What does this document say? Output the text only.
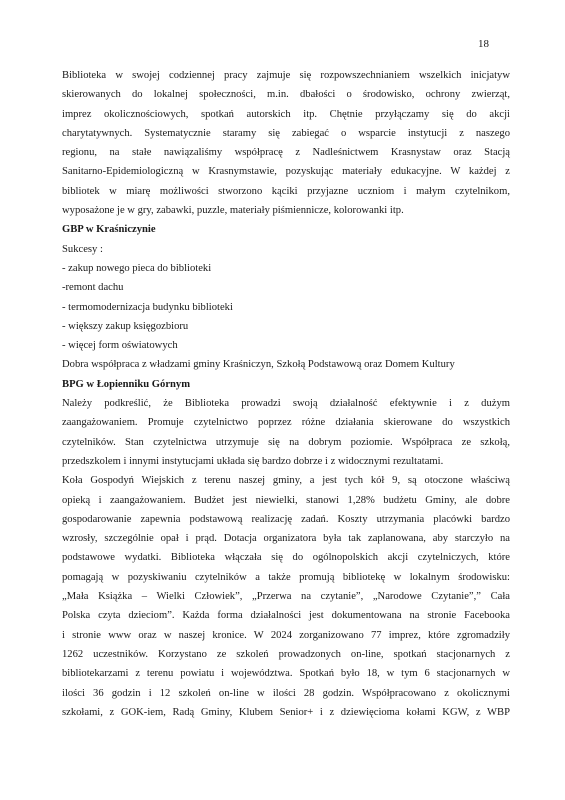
18
Biblioteka w swojej codziennej pracy zajmuje się rozpowszechnianiem wszelkich inicjatyw
skierowanych do lokalnej społeczności, m.in. dbałości o środowisko, ochrony zwierząt,
imprez okolicznościowych, spotkań autorskich itp. Chętnie przyłączamy się do akcji
charytatywnych. Systematycznie staramy się zabiegać o wsparcie instytucji z naszego
regionu, na stałe nawiązaliśmy współpracę z Nadleśnictwem Krasnystaw oraz Stacją
Sanitarno-Epidemiologiczną w Krasnymstawie, pozyskując materiały edukacyjne. W każdej z
bibliotek w miarę możliwości stworzono kąciki przyjazne uczniom i małym czytelnikom,
wyposażone je w gry, zabawki, puzzle, materiały piśmiennicze, kolorowanki itp.
GBP w Kraśniczynie
Sukcesy :
- zakup nowego pieca do biblioteki
-remont dachu
- termomodernizacja budynku biblioteki
- większy zakup księgozbioru
- więcej form oświatowych
Dobra współpraca z władzami gminy Kraśniczyn, Szkołą Podstawową oraz Domem Kultury
BPG w Łopienniku Górnym
Należy podkreślić, że Biblioteka prowadzi swoją działalność efektywnie i z dużym
zaangażowaniem. Promuje czytelnictwo poprzez różne działania skierowane do wszystkich
czytelników. Stan czytelnictwa utrzymuje się na dobrym poziomie. Współpraca ze szkołą,
przedszkolem i innymi instytucjami układa się bardzo dobrze i z widocznymi rezultatami.
Koła Gospodyń Wiejskich z terenu naszej gminy, a jest tych kół 9, są otoczone właściwą
opieką i zaangażowaniem. Budżet jest niewielki, stanowi 1,28% budżetu Gminy, ale dobre
gospodarowanie zapewnia podstawową realizację zadań. Koszty utrzymania placówki bardzo
wzrosły, szczególnie opał i prąd. Dotacja organizatora była tak zaplanowana, aby starczyło na
podstawowe wydatki. Biblioteka włączała się do ogólnopolskich akcji czytelniczych, które
pomagają w pozyskiwaniu czytelników a także promują bibliotekę w lokalnym środowisku:
„Mała Książka – Wielki Człowiek”, „Przerwa na czytanie”, „Narodowe Czytanie”,” Cała
Polska czyta dzieciom”. Każda forma działalności jest dokumentowana na stronie Facebooka
i stronie www oraz w naszej kronice. W 2024 zorganizowano 77 imprez, które zgromadziły
1262 uczestników. Korzystano ze szkoleń prowadzonych on-line, spotkań stacjonarnych z
bibliotekarzami z terenu powiatu i województwa. Spotkań było 18, w tym 6 stacjonarnych w
ilości 36 godzin i 12 szkoleń on-line w ilości 28 godzin. Współpracowano z okolicznymi
szkołami, z GOK-iem, Radą Gminy, Klubem Senior+ i z dziewięcioma kołami KGW, z WBP
